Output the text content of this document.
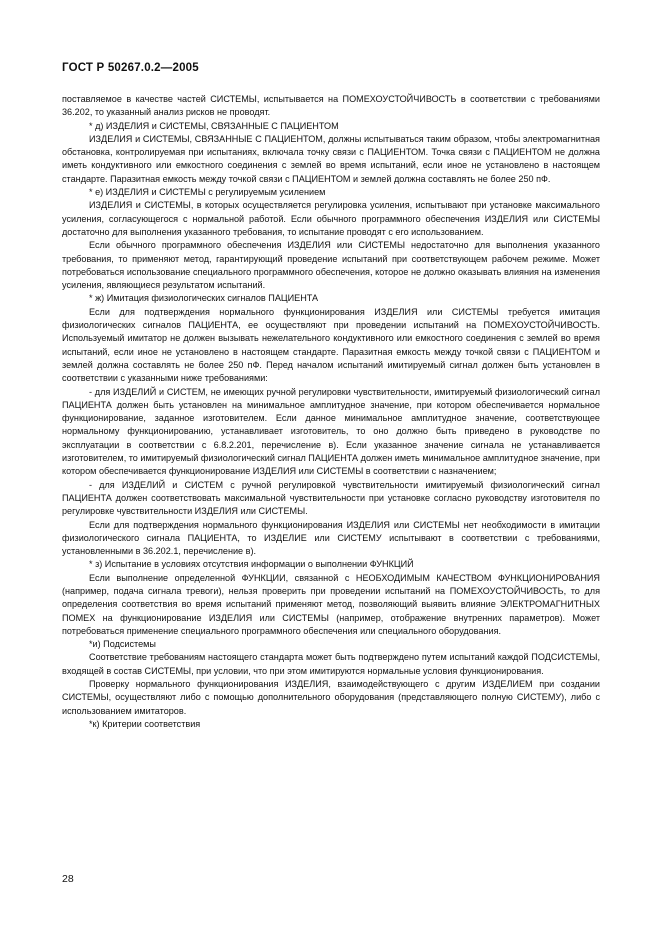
ГОСТ Р 50267.0.2—2005

поставляемое в качестве частей СИСТЕМЫ, испытывается на ПОМЕХОУСТОЙЧИВОСТЬ в соответствии с требованиями 36.202, то указанный анализ рисков не проводят.

* д) ИЗДЕЛИЯ и СИСТЕМЫ, СВЯЗАННЫЕ С ПАЦИЕНТОМ

ИЗДЕЛИЯ и СИСТЕМЫ, СВЯЗАННЫЕ С ПАЦИЕНТОМ, должны испытываться таким образом, чтобы электромагнитная обстановка, контролируемая при испытаниях, включала точку связи с ПАЦИЕНТОМ. Точка связи с ПАЦИЕНТОМ не должна иметь кондуктивного или емкостного соединения с землей во время испытаний, если иное не установлено в настоящем стандарте. Паразитная емкость между точкой связи с ПАЦИЕНТОМ и землей должна составлять не более 250 пФ.

* е) ИЗДЕЛИЯ и СИСТЕМЫ с регулируемым усилением

ИЗДЕЛИЯ и СИСТЕМЫ, в которых осуществляется регулировка усиления, испытывают при установке максимального усиления, согласующегося с нормальной работой. Если обычного программного обеспечения ИЗДЕЛИЯ или СИСТЕМЫ достаточно для выполнения указанного требования, то испытание проводят с его использованием.

Если обычного программного обеспечения ИЗДЕЛИЯ или СИСТЕМЫ недостаточно для выполнения указанного требования, то применяют метод, гарантирующий проведение испытаний при соответствующем рабочем режиме. Может потребоваться использование специального программного обеспечения, которое не должно оказывать влияния на изменения усиления, являющиеся результатом испытаний.

* ж) Имитация физиологических сигналов ПАЦИЕНТА

Если для подтверждения нормального функционирования ИЗДЕЛИЯ или СИСТЕМЫ требуется имитация физиологических сигналов ПАЦИЕНТА, ее осуществляют при проведении испытаний на ПОМЕХОУСТОЙЧИВОСТЬ. Используемый имитатор не должен вызывать нежелательного кондуктивного или емкостного соединения с землей во время испытаний, если иное не установлено в настоящем стандарте. Паразитная емкость между точкой связи с ПАЦИЕНТОМ и землей должна составлять не более 250 пФ. Перед началом испытаний имитируемый сигнал должен быть установлен в соответствии с указанными ниже требованиями:

- для ИЗДЕЛИЙ и СИСТЕМ, не имеющих ручной регулировки чувствительности, имитируемый физиологический сигнал ПАЦИЕНТА должен быть установлен на минимальное амплитудное значение, при котором обеспечивается нормальное функционирование, заданное изготовителем. Если данное минимальное амплитудное значение, соответствующее нормальному функционированию, устанавливает изготовитель, то оно должно быть приведено в руководстве по эксплуатации в соответствии с 6.8.2.201, перечисление в). Если указанное значение сигнала не устанавливается изготовителем, то имитируемый физиологический сигнал ПАЦИЕНТА должен иметь минимальное амплитудное значение, при котором обеспечивается функционирование ИЗДЕЛИЯ или СИСТЕМЫ в соответствии с назначением;

- для ИЗДЕЛИЙ и СИСТЕМ с ручной регулировкой чувствительности имитируемый физиологический сигнал ПАЦИЕНТА должен соответствовать максимальной чувствительности при установке согласно руководству изготовителя по регулировке чувствительности ИЗДЕЛИЯ или СИСТЕМЫ.

Если для подтверждения нормального функционирования ИЗДЕЛИЯ или СИСТЕМЫ нет необходимости в имитации физиологического сигнала ПАЦИЕНТА, то ИЗДЕЛИЕ или СИСТЕМУ испытывают в соответствии с требованиями, установленными в 36.202.1, перечисление в).

* з) Испытание в условиях отсутствия информации о выполнении ФУНКЦИЙ

Если выполнение определенной ФУНКЦИИ, связанной с НЕОБХОДИМЫМ КАЧЕСТВОМ ФУНКЦИОНИРОВАНИЯ (например, подача сигнала тревоги), нельзя проверить при проведении испытаний на ПОМЕХОУСТОЙЧИВОСТЬ, то для определения соответствия во время испытаний применяют метод, позволяющий выявить влияние ЭЛЕКТРОМАГНИТНЫХ ПОМЕХ на функционирование ИЗДЕЛИЯ или СИСТЕМЫ (например, отображение внутренних параметров). Может потребоваться применение специального программного обеспечения или специального оборудования.

*и) Подсистемы

Соответствие требованиям настоящего стандарта может быть подтверждено путем испытаний каждой ПОДСИСТЕМЫ, входящей в состав СИСТЕМЫ, при условии, что при этом имитируются нормальные условия функционирования.

Проверку нормального функционирования ИЗДЕЛИЯ, взаимодействующего с другим ИЗДЕЛИЕМ при создании СИСТЕМЫ, осуществляют либо с помощью дополнительного оборудования (представляющего полную СИСТЕМУ), либо с использованием имитаторов.

*к) Критерии соответствия

28
